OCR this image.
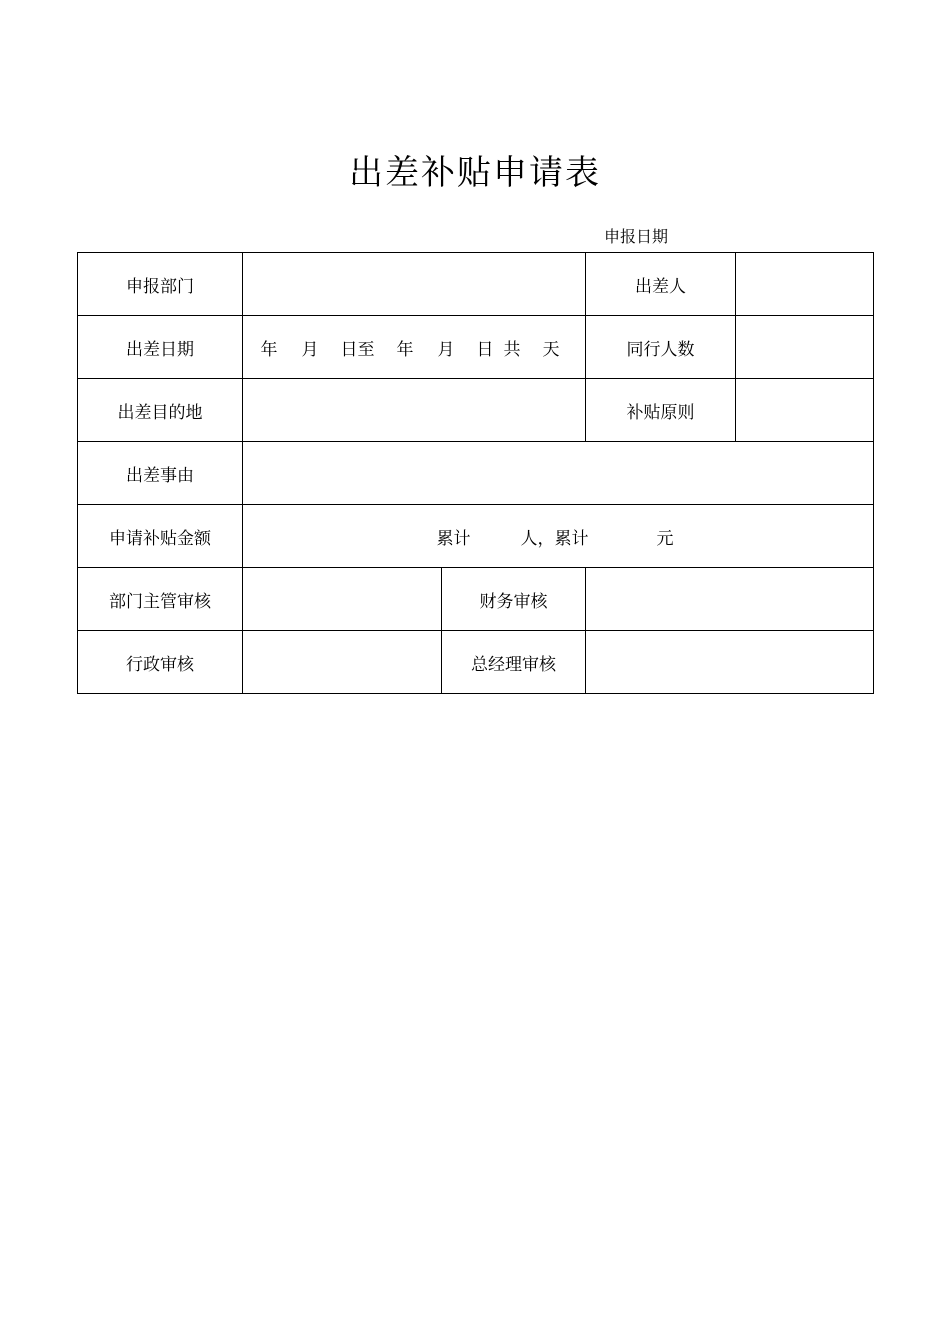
出差补贴申请表
申报日期
申报部门			出差人	
出差日期	年 月 日至 年 月 日 共 天		同行人数	
出差目的地			补贴原则	
出差事由				
申请补贴金额	累计 人，累计 元			
部门主管审核		财务审核		
行政审核		总经理审核		
